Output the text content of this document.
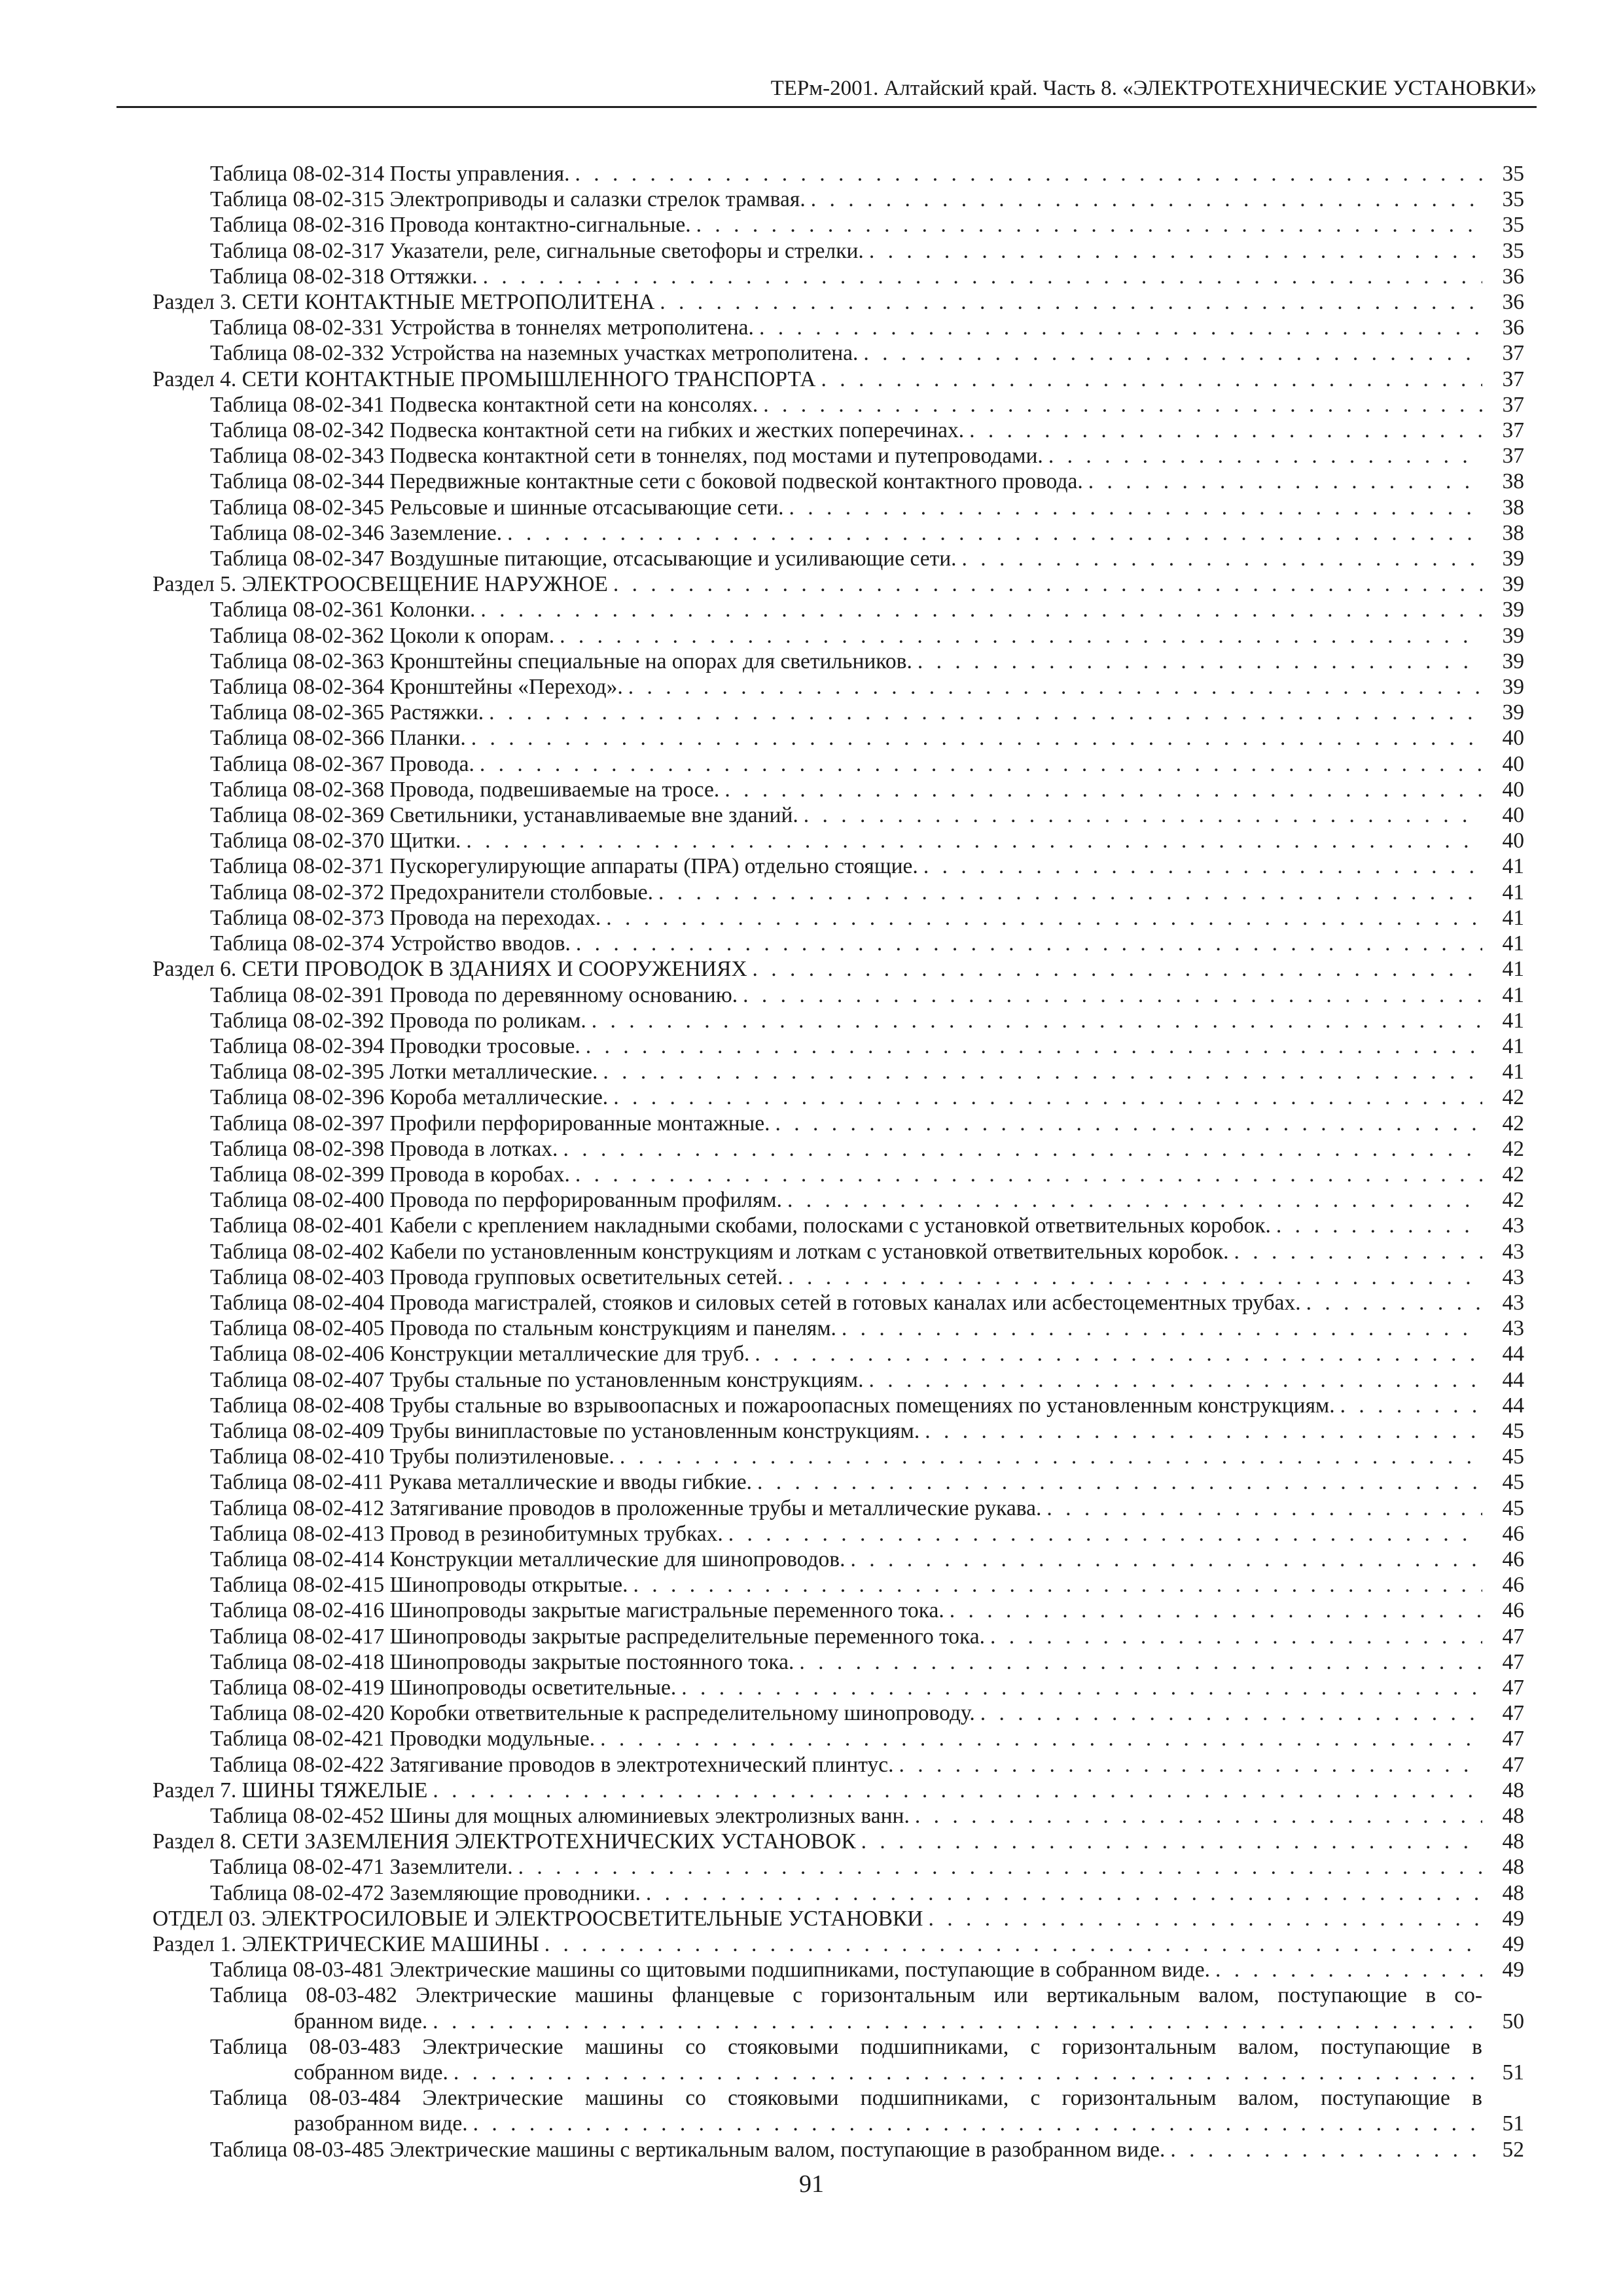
ТЕРм-2001. Алтайский край. Часть 8. «ЭЛЕКТРОТЕХНИЧЕСКИЕ УСТАНОВКИ»
Таблица 08-02-314 Посты управления. . . .	35
Таблица 08-02-315 Электроприводы и салазки стрелок трамвая. . . .	35
Таблица 08-02-316 Провода контактно-сигнальные. . . .	35
Таблица 08-02-317 Указатели, реле, сигнальные светофоры и стрелки. . . .	35
Таблица 08-02-318 Оттяжки. . . .	36
Раздел 3. СЕТИ КОНТАКТНЫЕ МЕТРОПОЛИТЕНА . . .	36
Таблица 08-02-331 Устройства в тоннелях метрополитена. . . .	36
Таблица 08-02-332 Устройства на наземных участках метрополитена. . . .	37
Раздел 4. СЕТИ КОНТАКТНЫЕ ПРОМЫШЛЕННОГО ТРАНСПОРТА . . .	37
Таблица 08-02-341 Подвеска контактной сети на консолях. . . .	37
Таблица 08-02-342 Подвеска контактной сети на гибких и жестких поперечинах. . . .	37
Таблица 08-02-343 Подвеска контактной сети в тоннелях, под мостами и путепроводами. . . .	37
Таблица 08-02-344 Передвижные контактные сети с боковой подвеской контактного провода. . . .	38
Таблица 08-02-345 Рельсовые и шинные отсасывающие сети. . . .	38
Таблица 08-02-346 Заземление. . . .	38
Таблица 08-02-347 Воздушные питающие, отсасывающие и усиливающие сети. . . .	39
Раздел 5. ЭЛЕКТРООСВЕЩЕНИЕ НАРУЖНОЕ . . .	39
Таблица 08-02-361 Колонки. . . .	39
Таблица 08-02-362 Цоколи к опорам. . . .	39
Таблица 08-02-363 Кронштейны специальные на опорах для светильников. . . .	39
Таблица 08-02-364 Кронштейны «Переход». . . .	39
Таблица 08-02-365 Растяжки. . . .	39
Таблица 08-02-366 Планки. . . .	40
Таблица 08-02-367 Провода. . . .	40
Таблица 08-02-368 Провода, подвешиваемые на тросе. . . .	40
Таблица 08-02-369 Светильники, устанавливаемые вне зданий. . . .	40
Таблица 08-02-370 Щитки. . . .	40
Таблица 08-02-371 Пускорегулирующие аппараты (ПРА) отдельно стоящие. . . .	41
Таблица 08-02-372 Предохранители столбовые. . . .	41
Таблица 08-02-373 Провода на переходах. . . .	41
Таблица 08-02-374 Устройство вводов. . . .	41
Раздел 6. СЕТИ ПРОВОДОК В ЗДАНИЯХ И СООРУЖЕНИЯХ . . .	41
Таблица 08-02-391 Провода по деревянному основанию. . . .	41
Таблица 08-02-392 Провода по роликам. . . .	41
Таблица 08-02-394 Проводки тросовые. . . .	41
Таблица 08-02-395 Лотки металлические. . . .	41
Таблица 08-02-396 Короба металлические. . . .	42
Таблица 08-02-397 Профили перфорированные монтажные. . . .	42
Таблица 08-02-398 Провода в лотках. . . .	42
Таблица 08-02-399 Провода в коробах. . . .	42
Таблица 08-02-400 Провода по перфорированным профилям. . . .	42
Таблица 08-02-401 Кабели с креплением накладными скобами, полосками с установкой ответвительных коробок. . . .	43
Таблица 08-02-402 Кабели по установленным конструкциям и лоткам с установкой ответвительных коробок. . . .	43
Таблица 08-02-403 Провода групповых осветительных сетей. . . .	43
Таблица 08-02-404 Провода магистралей, стояков и силовых сетей в готовых каналах или асбестоцементных трубах. . . .	43
Таблица 08-02-405 Провода по стальным конструкциям и панелям. . . .	43
Таблица 08-02-406 Конструкции металлические для труб. . . .	44
Таблица 08-02-407 Трубы стальные по установленным конструкциям. . . .	44
Таблица 08-02-408 Трубы стальные во взрывоопасных и пожароопасных помещениях по установленным конструкциям. . . .	44
Таблица 08-02-409 Трубы винипластовые по установленным конструкциям. . . .	45
Таблица 08-02-410 Трубы полиэтиленовые. . . .	45
Таблица 08-02-411 Рукава металлические и вводы гибкие. . . .	45
Таблица 08-02-412 Затягивание проводов в проложенные трубы и металлические рукава. . . .	45
Таблица 08-02-413 Провод в резинобитумных трубках. . . .	46
Таблица 08-02-414 Конструкции металлические для шинопроводов. . . .	46
Таблица 08-02-415 Шинопроводы открытые. . . .	46
Таблица 08-02-416 Шинопроводы закрытые магистральные переменного тока. . . .	46
Таблица 08-02-417 Шинопроводы закрытые распределительные переменного тока. . . .	47
Таблица 08-02-418 Шинопроводы закрытые постоянного тока. . . .	47
Таблица 08-02-419 Шинопроводы осветительные. . . .	47
Таблица 08-02-420 Коробки ответвительные к распределительному шинопроводу. . . .	47
Таблица 08-02-421 Проводки модульные. . . .	47
Таблица 08-02-422 Затягивание проводов в электротехнический плинтус. . . .	47
Раздел 7. ШИНЫ ТЯЖЕЛЫЕ . . .	48
Таблица 08-02-452 Шины для мощных алюминиевых электролизных ванн. . . .	48
Раздел 8. СЕТИ ЗАЗЕМЛЕНИЯ ЭЛЕКТРОТЕХНИЧЕСКИХ УСТАНОВОК . . .	48
Таблица 08-02-471 Заземлители. . . .	48
Таблица 08-02-472 Заземляющие проводники. . . .	48
ОТДЕЛ 03. ЭЛЕКТРОСИЛОВЫЕ И ЭЛЕКТРООСВЕТИТЕЛЬНЫЕ УСТАНОВКИ . . .	49
Раздел 1. ЭЛЕКТРИЧЕСКИЕ МАШИНЫ . . .	49
Таблица 08-03-481 Электрические машины со щитовыми подшипниками, поступающие в собранном виде. . . .	49
Таблица 08-03-482 Электрические машины фланцевые с горизонтальным или вертикальным валом, поступающие в со-
бранном виде. . . .	50
Таблица 08-03-483 Электрические машины со стояковыми подшипниками, с горизонтальным валом, поступающие в
собранном виде. . . .	51
Таблица 08-03-484 Электрические машины со стояковыми подшипниками, с горизонтальным валом, поступающие в
разобранном виде. . . .	51
Таблица 08-03-485 Электрические машины с вертикальным валом, поступающие в разобранном виде. . . .	52
91
